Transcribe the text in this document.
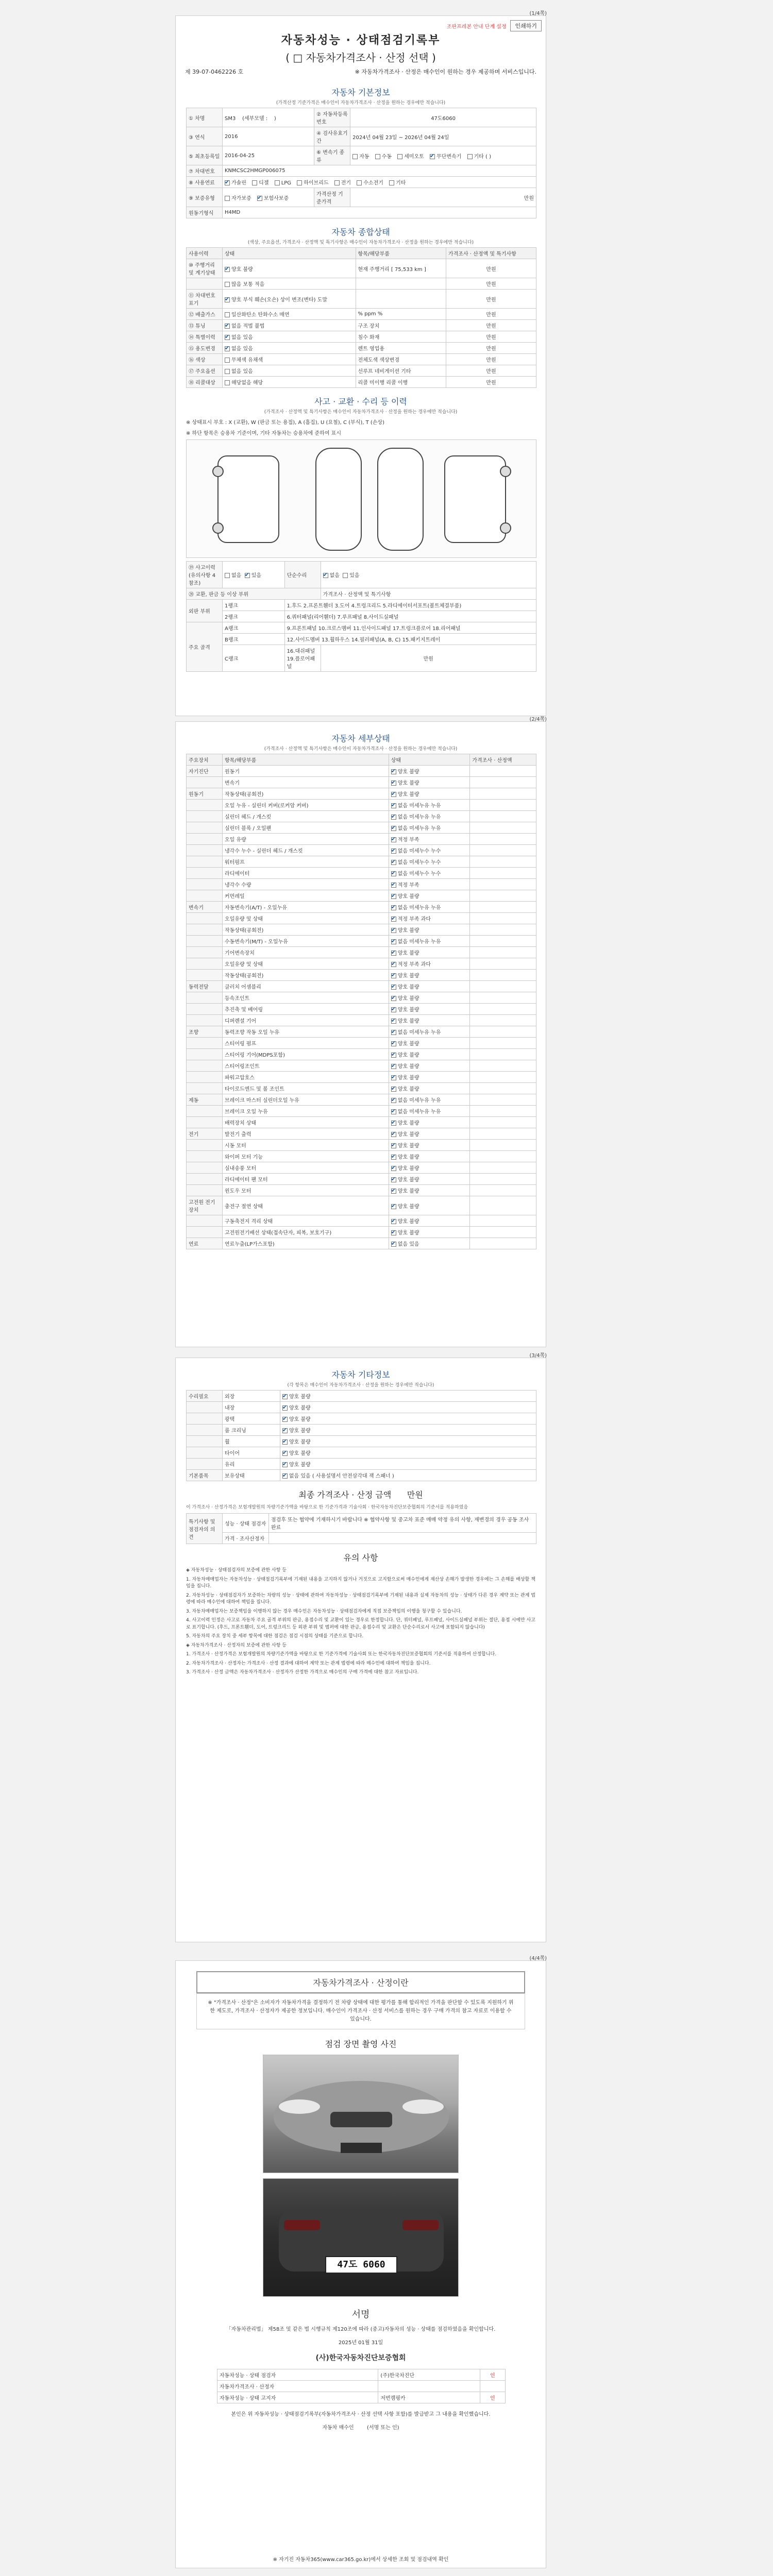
(1/4쪽)
조판프레본 안내 단계 설정	인쇄하기
자동차성능 · 상태점검기록부
( □ 자동차가격조사 · 산정 선택 )
제 39-07-0462226 호	※ 자동차가격조사 · 산정은 매수인이 원하는 경우 제공하며 서비스입니다.
자동차 기본정보
(가격산정 기준가격은 매수인이 자동차가격조사 · 산정을 원하는 경우에만 적습니다)
① 차명	SM3 (세부모델 : )	② 자동차등록번호	47도6060
③ 연식	2016	④ 검사유효기간	2024년 04월 23일 ~ 2026년 04월 24일
⑤ 최초등록일	2016-04-25	⑥ 변속기 종류	자동 수동 세미오토 ✔ 무단변속기 기타 ( )
⑦ 차대번호	KNMCSC2HMGP006075		
⑧ 사용연료	✔가솔린 디젤 LPG 하이브리드 전기 수소전기 기타
⑨ 보증유형	자가보증 ✔ 보험사보증	가격산정 기준가격	만원
원동기형식	H4MD		
자동차 종합상태
(색상, 주요옵션, 가격조사 · 산정액 및 특기사항은 매수인이 자동차가격조사 · 산정을 원하는 경우에만 적습니다)
사용이력	상태	항목/해당부품	가격조사 · 산정액 및 특기사항
⑩ 주행거리 및 계기상태	✔양호 불량	현재 주행거리 [ 75,533 km ]	만원
	많음 보통 적음		만원
⑪ 차대번호 표기	✔양호 부식 훼손(오손) 상이 변조(변타) 도말		만원
⑫ 배출가스	일산화탄소 탄화수소 매연	% ppm %	만원
⑬ 튜닝	✔없음 적법 불법	구조 장치	만원
⑭ 특별이력	✔없음 있음	침수 화재	만원
⑮ 용도변경	✔없음 있음	렌트 영업용	만원
⑯ 색상	무채색 유채색	전체도색 색상변경	만원
⑰ 주요옵션	없음 있음	선루프 네비게이션 기타	만원
⑱ 리콜대상	해당없음 해당	리콜 미이행 리콜 이행	만원
사고 · 교환 · 수리 등 이력
(가격조사 · 산정액 및 특기사항은 매수인이 자동차가격조사 · 산정을 원하는 경우에만 적습니다)
※ 상태표시 부호 : X (교환), W (판금 또는 용접), A (흠집), U (요철), C (부식), T (손상)
※ 하단 항목은 승용차 기준이며, 기타 자동차는 승용차에 준하여 표시
⑲ 사고이력(유의사항 4 참조)	없음 ✔ 있음	단순수리	✔없음 있음
⑳ 교환, 판금 등 이상 부위			가격조사 · 산정액 및 특기사항
외판 부위	1랭크	1.후드 2.프론트휀더 3.도어 4.트렁크리드 5.라디에이터서포트(볼트체결부품)	
	2랭크	6.쿼터패널(리어휀더) 7.루프패널 8.사이드실패널	
주요 골격	A랭크	9.프론트패널 10.크로스멤버 11.인사이드패널 17.트렁크플로어 18.리어패널	
	B랭크	12.사이드멤버 13.휠하우스 14.필러패널(A, B, C) 15.패키지트레이	
	C랭크	16.대쉬패널 19.플로어패널	만원
(2/4쪽)
자동차 세부상태
(가격조사 · 산정액 및 특기사항은 매수인이 자동차가격조사 · 산정을 원하는 경우에만 적습니다)
주요장치	항목/해당부품	상태	가격조사 · 산정액
자기진단	원동기	✔양호 불량	
	변속기	✔양호 불량	
원동기	작동상태(공회전)	✔양호 불량	
	오일 누유 - 실린더 커버(로커암 커버)	✔없음 미세누유 누유	
	실린더 헤드 / 개스킷	✔없음 미세누유 누유	
	실린더 블록 / 오일팬	✔없음 미세누유 누유	
	오일 유량	✔적정 부족	
	냉각수 누수 - 실린더 헤드 / 개스킷	✔없음 미세누수 누수	
	워터펌프	✔없음 미세누수 누수	
	라디에이터	✔없음 미세누수 누수	
	냉각수 수량	✔적정 부족	
	커먼레일	✔양호 불량	
변속기	자동변속기(A/T) - 오일누유	✔없음 미세누유 누유	
	오일유량 및 상태	✔적정 부족 과다	
	작동상태(공회전)	✔양호 불량	
	수동변속기(M/T) - 오일누유	✔없음 미세누유 누유	
	기어변속장치	✔양호 불량	
	오일유량 및 상태	✔적정 부족 과다	
	작동상태(공회전)	✔양호 불량	
동력전달	클러치 어셈블리	✔양호 불량	
	등속조인트	✔양호 불량	
	추진축 및 베어링	✔양호 불량	
	디퍼렌셜 기어	✔양호 불량	
조향	동력조향 작동 오일 누유	✔없음 미세누유 누유	
	스티어링 펌프	✔양호 불량	
	스티어링 기어(MDPS포함)	✔양호 불량	
	스티어링조인트	✔양호 불량	
	파워고압호스	✔양호 불량	
	타이로드엔드 및 볼 조인트	✔양호 불량	
제동	브레이크 마스터 실린더오일 누유	✔없음 미세누유 누유	
	브레이크 오일 누유	✔없음 미세누유 누유	
	배력장치 상태	✔양호 불량	
전기	발전기 출력	✔양호 불량	
	시동 모터	✔양호 불량	
	와이퍼 모터 기능	✔양호 불량	
	실내송풍 모터	✔양호 불량	
	라디에이터 팬 모터	✔양호 불량	
	윈도우 모터	✔양호 불량	
고전원 전기장치	충전구 절연 상태	✔양호 불량	
	구동축전지 격리 상태	✔양호 불량	
	고전원전기배선 상태(접속단자, 피복, 보호기구)	✔양호 불량	
연료	연료누출(LP가스포함)	✔없음 있음	
(3/4쪽)
자동차 기타정보
(각 항목은 매수인이 자동차가격조사 · 산정을 원하는 경우에만 적습니다)
수리필요	외장	✔양호 불량
	내장	✔양호 불량
	광택	✔양호 불량
	룸 크리닝	✔양호 불량
	휠	✔양호 불량
	타이어	✔양호 불량
	유리	✔양호 불량
기본품목	보유상태	✔없음 있음 ( 사용설명서 안전삼각대 잭 스패너 )
최종 가격조사 · 산정 금액 만원
이 가격조사 · 산정가격은 보험개발원의 차량기준가액을 바탕으로 한 기준가격과 기술사회 · 한국자동차진단보증협회의 기준서를 적용하였음
특기사항 및 점검자의 의견	성능 · 상태 점검자	점검후 또는 협약에 기재하시기 바랍니다 ※ 협약사항 및 중고차 표준 매매 약정 유의 사항, 재변경의 경우 공동 조사 완료
	가격 · 조사산정자	
유의 사항

◈ 자동차성능 · 상태점검자의 보증에 관한 사항 등

1. 자동차매매업자는 자동차성능 · 상태점검기록부에 기재된 내용을 고지하지 않거나 거짓으로 고지함으로써 매수인에게 재산상 손해가 발생한 경우에는 그 손해를 배상할 책임을 집니다.

2. 자동차성능 · 상태점검자가 보증하는 차량의 성능 · 상태에 관하여 자동차성능 · 상태점검기록부에 기재된 내용과 실제 자동차의 성능 · 상태가 다른 경우 계약 또는 관계 법령에 따라 매수인에 대하여 책임을 집니다.

3. 자동차매매업자는 보증책임을 이행하지 않는 경우 매수인은 자동차성능 · 상태점검자에게 직접 보증책임의 이행을 청구할 수 있습니다.

4. 사고이력 인정은 사고로 자동차 주요 골격 부위의 판금, 용접수리 및 교환이 있는 경우로 한정합니다. 단, 쿼터패널, 루프패널, 사이드실패널 부위는 절단, 용접 시에만 사고로 표기합니다. (후드, 프론트휀더, 도어, 트렁크리드 등 외판 부위 및 범퍼에 대한 판금, 용접수리 및 교환은 단순수리로서 사고에 포함되지 않습니다)

5. 자동차의 주요 장치 중 세부 항목에 대한 점검은 점검 시점의 상태를 기준으로 합니다.

◈ 자동차가격조사 · 산정자의 보증에 관한 사항 등

1. 가격조사 · 산정가격은 보험개발원의 차량기준가액을 바탕으로 한 기준가격에 기술사회 또는 한국자동차진단보증협회의 기준서를 적용하여 산정합니다.

2. 자동차가격조사 · 산정자는 가격조사 · 산정 결과에 대하여 계약 또는 관계 법령에 따라 매수인에 대하여 책임을 집니다.

3. 가격조사 · 산정 금액은 자동차가격조사 · 산정자가 산정한 가격으로 매수인의 구매 가격에 대한 참고 자료입니다.

(4/4쪽)
자동차가격조사 · 산정이란
※ "가격조사 · 산정"은 소비자가 자동차가격을 결정하기 전 차량 상태에 대한 평가를 통해 합리적인 가격을 판단할 수 있도록 지원하기 위한 제도로, 가격조사 · 산정자가 제공한 정보입니다. 매수인이 가격조사 · 산정 서비스를 원하는 경우 구매 가격의 참고 자료로 이용할 수 있습니다.
점검 장면 촬영 사진
47도 6060
서명
「자동차관리법」 제58조 및 같은 법 시행규칙 제120조에 따라 (중고)자동차의 성능 · 상태를 점검하였음을 확인합니다.
2025년 01월 31일
(사)한국자동차진단보증협회
자동차성능 · 상태 점검자	(주)한국차진단	인
자동차가격조사 · 산정자		
자동차성능 · 상태 고지자	저번캠핑카	인
본인은 위 자동차성능 · 상태점검기록부(자동차가격조사 · 산정 선택 사항 포함)를 발급받고 그 내용을 확인했습니다.
자동차 매수인	(서명 또는 인)
※ 자기진 자동차365(www.car365.go.kr)에서 상세한 조회 및 점검내역 확인
